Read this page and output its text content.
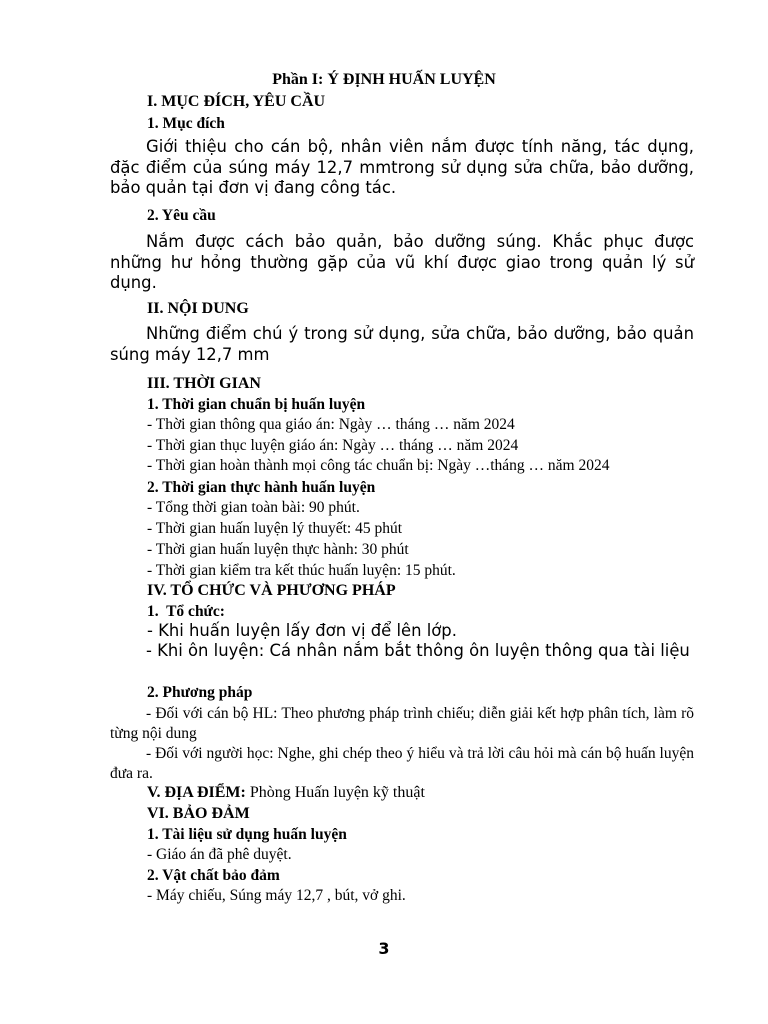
Phần I: Ý ĐỊNH HUẤN LUYỆN
I. MỤC ĐÍCH, YÊU CẦU
1. Mục đích

Giới thiệu cho cán bộ, nhân viên nắm được tính năng, tác dụng, đặc điểm của súng máy 12,7 mmtrong sử dụng sửa chữa, bảo dưỡng, bảo quản tại đơn vị đang công tác.

2. Yêu cầu

Nắm được cách bảo quản, bảo dưỡng súng. Khắc phục được những hư hỏng thường gặp của vũ khí được giao trong quản lý sử dụng.

II. NỘI DUNG

Những điểm chú ý trong sử dụng, sửa chữa, bảo dưỡng, bảo quản súng máy 12,7 mm

III. THỜI GIAN
1. Thời gian chuẩn bị huấn luyện
- Thời gian thông qua giáo án: Ngày … tháng … năm 2024
- Thời gian thục luyện giáo án: Ngày … tháng … năm 2024
- Thời gian hoàn thành mọi công tác chuẩn bị: Ngày …tháng … năm 2024
2. Thời gian thực hành huấn luyện
- Tổng thời gian toàn bài: 90 phút.
- Thời gian huấn luyện lý thuyết: 45 phút
- Thời gian huấn luyện thực hành: 30 phút
- Thời gian kiểm tra kết thúc huấn luyện: 15 phút.
IV. TỔ CHỨC VÀ PHƯƠNG PHÁP
1.  Tổ chức:
- Khi huấn luyện lấy đơn vị để lên lớp.

- Khi ôn luyện: Cá nhân nắm bắt thông ôn luyện thông qua tài liệu

2. Phương pháp

- Đối với cán bộ HL: Theo phương pháp trình chiếu; diễn giải kết hợp phân tích, làm rõ từng nội dung

- Đối với người học: Nghe, ghi chép theo ý hiểu và trả lời câu hỏi mà cán bộ huấn luyện đưa ra.

V. ĐỊA ĐIỂM: Phòng Huấn luyện kỹ thuật
VI. BẢO ĐẢM
1. Tài liệu sử dụng huấn luyện
- Giáo án đã phê duyệt.
2. Vật chất bảo đảm
- Máy chiếu, Súng máy 12,7 , bút, vở ghi.
3
